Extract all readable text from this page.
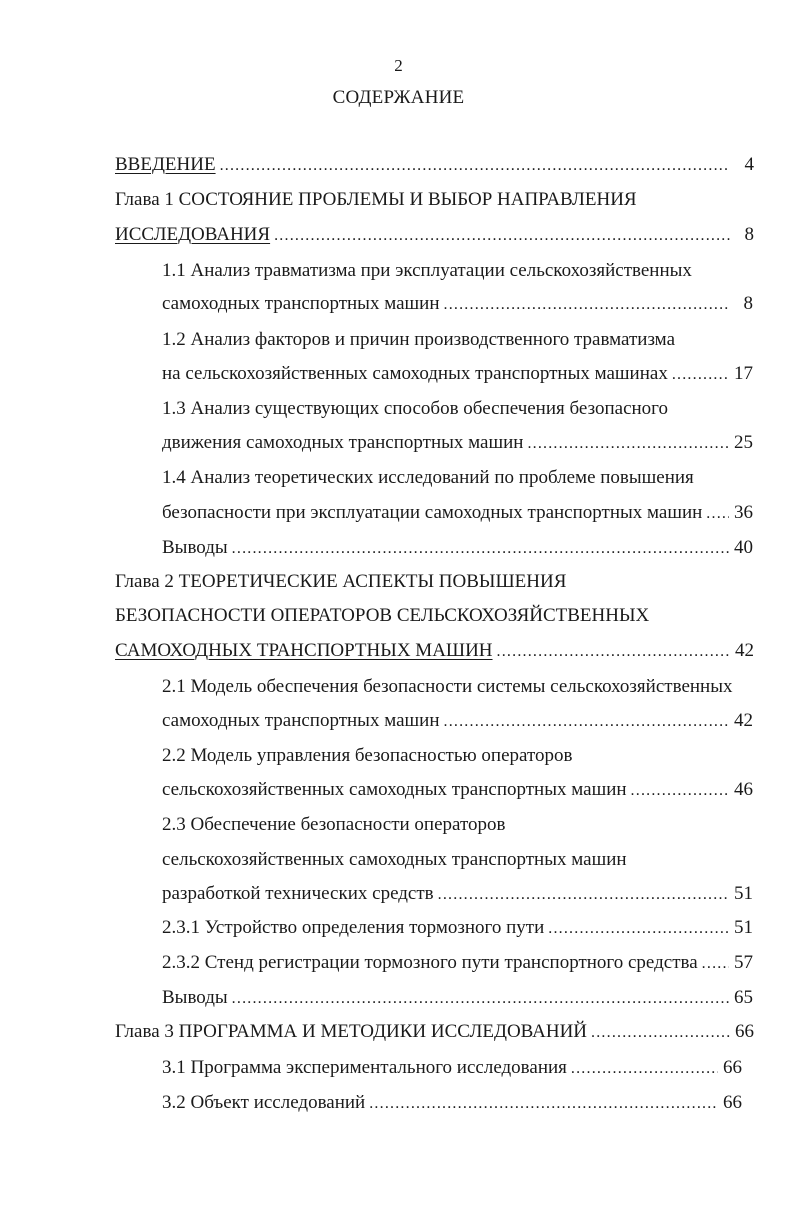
2
СОДЕРЖАНИЕ
ВВЕДЕНИЕ .....	4
Глава 1 СОСТОЯНИЕ ПРОБЛЕМЫ И ВЫБОР НАПРАВЛЕНИЯ
ИССЛЕДОВАНИЯ .....	8
1.1 Анализ травматизма при эксплуатации сельскохозяйственных
самоходных транспортных машин .....	8
1.2 Анализ факторов и причин производственного травматизма
на сельскохозяйственных самоходных транспортных машинах .....	17
1.3 Анализ существующих способов обеспечения безопасного
движения самоходных транспортных машин .....	25
1.4 Анализ теоретических исследований по проблеме повышения
безопасности при эксплуатации самоходных транспортных машин ..... 36
Выводы .....	40
Глава 2 ТЕОРЕТИЧЕСКИЕ АСПЕКТЫ ПОВЫШЕНИЯ
БЕЗОПАСНОСТИ ОПЕРАТОРОВ СЕЛЬСКОХОЗЯЙСТВЕННЫХ
САМОХОДНЫХ ТРАНСПОРТНЫХ МАШИН .....	42
2.1 Модель обеспечения безопасности системы сельскохозяйственных
самоходных транспортных машин .....	42
2.2 Модель управления безопасностью операторов
сельскохозяйственных самоходных транспортных машин .....	46
2.3 Обеспечение безопасности операторов
сельскохозяйственных самоходных транспортных машин
разработкой технических средств .....	51
2.3.1 Устройство определения тормозного пути .....	51
2.3.2 Стенд регистрации тормозного пути транспортного средства ..... 57
Выводы .....	65
Глава 3 ПРОГРАММА И МЕТОДИКИ ИССЛЕДОВАНИЙ .....	66
3.1 Программа экспериментального исследования .....	66
3.2 Объект исследований .....	66
